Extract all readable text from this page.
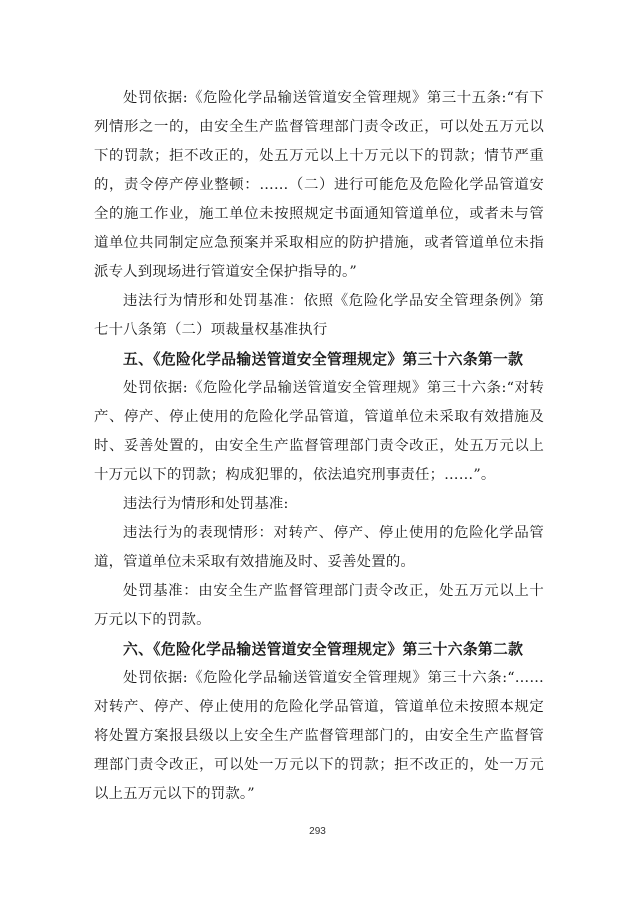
处罚依据:《危险化学品输送管道安全管理规》第三十五条:“有下列情形之一的，由安全生产监督管理部门责令改正，可以处五万元以下的罚款；拒不改正的，处五万元以上十万元以下的罚款；情节严重的，责令停产停业整顿：……（二）进行可能危及危险化学品管道安全的施工作业，施工单位未按照规定书面通知管道单位，或者未与管道单位共同制定应急预案并采取相应的防护措施，或者管道单位未指派专人到现场进行管道安全保护指导的。”

违法行为情形和处罚基准：依照《危险化学品安全管理条例》第七十八条第（二）项裁量权基准执行

五、《危险化学品输送管道安全管理规定》第三十六条第一款

处罚依据:《危险化学品输送管道安全管理规》第三十六条:“对转产、停产、停止使用的危险化学品管道，管道单位未采取有效措施及时、妥善处置的，由安全生产监督管理部门责令改正，处五万元以上十万元以下的罚款；构成犯罪的，依法追究刑事责任；……”。

违法行为情形和处罚基准:

违法行为的表现情形：对转产、停产、停止使用的危险化学品管道，管道单位未采取有效措施及时、妥善处置的。

处罚基准：由安全生产监督管理部门责令改正，处五万元以上十万元以下的罚款。

六、《危险化学品输送管道安全管理规定》第三十六条第二款

处罚依据:《危险化学品输送管道安全管理规》第三十六条:“……对转产、停产、停止使用的危险化学品管道，管道单位未按照本规定将处置方案报县级以上安全生产监督管理部门的，由安全生产监督管理部门责令改正，可以处一万元以下的罚款；拒不改正的，处一万元以上五万元以下的罚款。”

293
